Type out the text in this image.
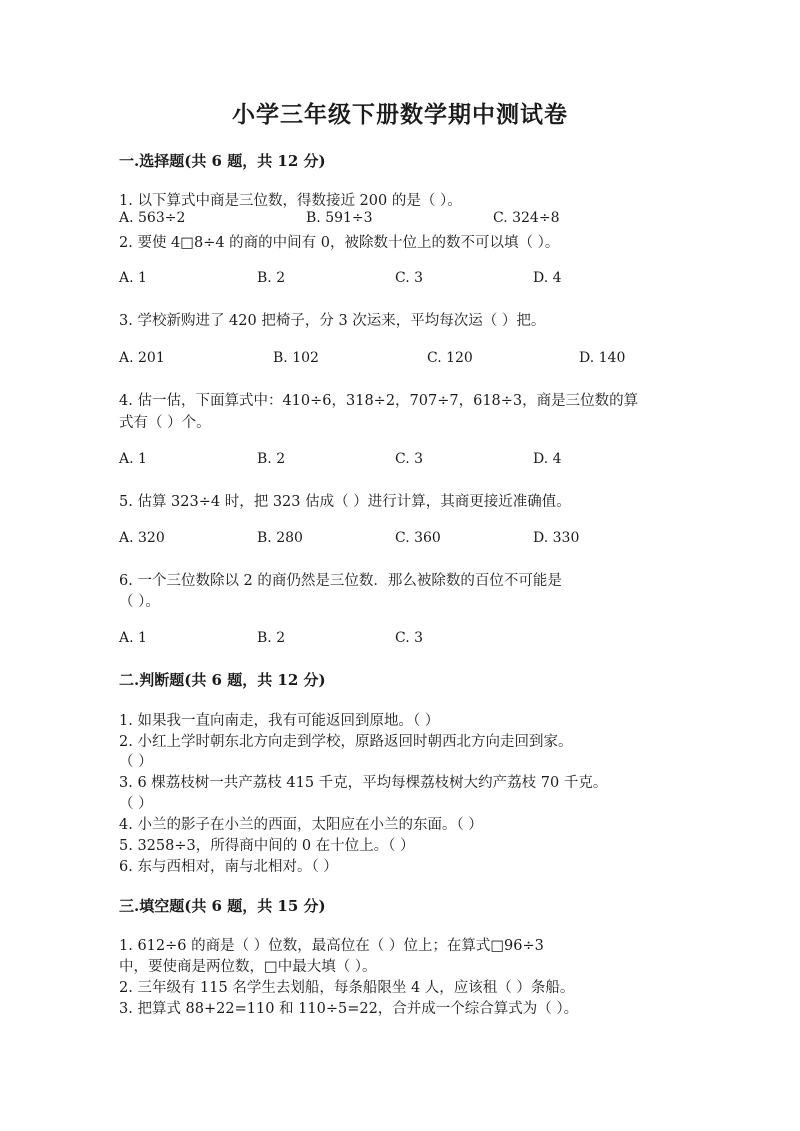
小学三年级下册数学期中测试卷
一.选择题(共 6 题，共 12 分)
1. 以下算式中商是三位数，得数接近 200 的是（ ）。
A. 563÷2	B. 591÷3	C. 324÷8
2. 要使 4□8÷4 的商的中间有 0，被除数十位上的数不可以填（ ）。
A. 1	B. 2	C. 3	D. 4
3. 学校新购进了 420 把椅子，分 3 次运来，平均每次运（ ）把。
A. 201	B. 102	C. 120	D. 140
4. 估一估，下面算式中：410÷6，318÷2，707÷7，618÷3，商是三位数的算
式有（ ）个。
A. 1	B. 2	C. 3	D. 4
5. 估算 323÷4 时，把 323 估成（ ）进行计算，其商更接近准确值。
A. 320	B. 280	C. 360	D. 330
6. 一个三位数除以 2 的商仍然是三位数．那么被除数的百位不可能是
（ ）。
A. 1	B. 2	C. 3
二.判断题(共 6 题，共 12 分)
1. 如果我一直向南走，我有可能返回到原地。（ ）
2. 小红上学时朝东北方向走到学校，原路返回时朝西北方向走回到家。
（ ）
3. 6 棵荔枝树一共产荔枝 415 千克，平均每棵荔枝树大约产荔枝 70 千克。
（ ）
4. 小兰的影子在小兰的西面，太阳应在小兰的东面。（ ）
5. 3258÷3，所得商中间的 0 在十位上。（ ）
6. 东与西相对，南与北相对。（ ）
三.填空题(共 6 题，共 15 分)
1. 612÷6 的商是（ ）位数，最高位在（ ）位上；在算式□96÷3
中，要使商是两位数，□中最大填（ ）。
2. 三年级有 115 名学生去划船，每条船限坐 4 人，应该租（ ）条船。
3. 把算式 88+22=110 和 110÷5=22，合并成一个综合算式为（ ）。
